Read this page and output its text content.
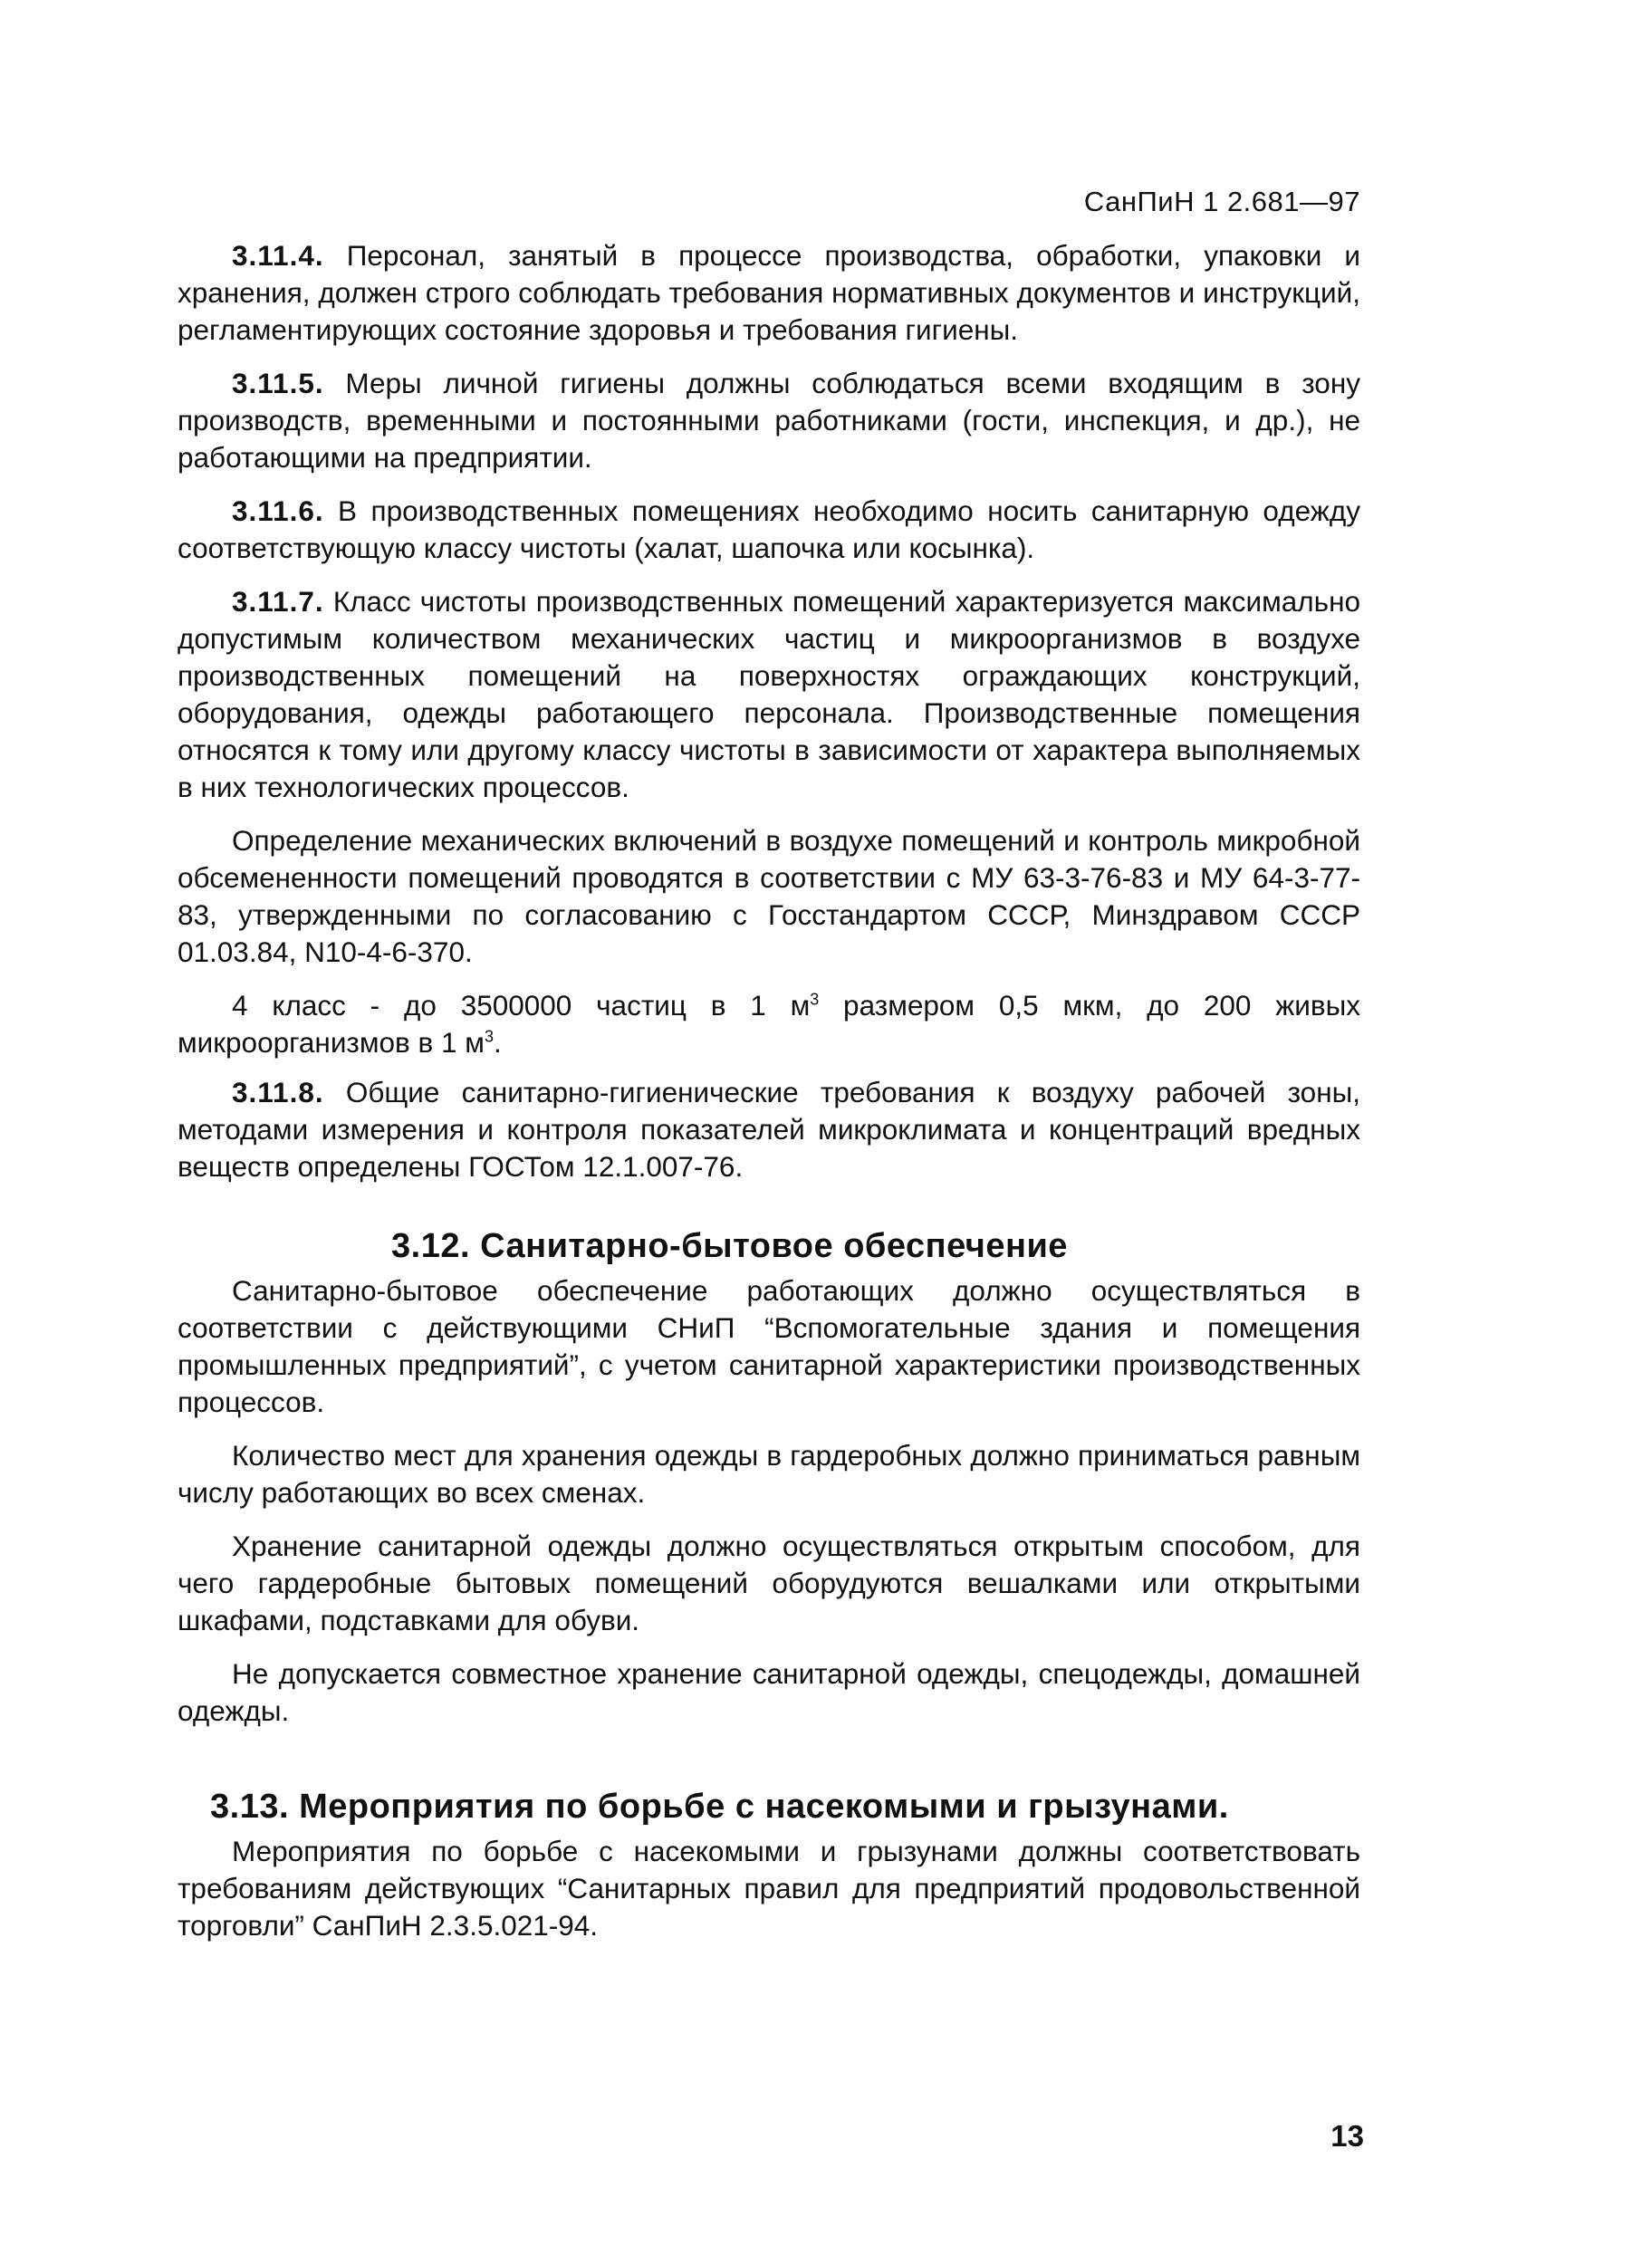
СанПиН 1 2.681—97

3.11.4. Персонал, занятый в процессе производства, обработки, упаковки и хранения, должен строго соблюдать требования нормативных документов и инструкций, регламентирующих состояние здоровья и требования гигиены.

3.11.5. Меры личной гигиены должны соблюдаться всеми входящим в зону производств, временными и постоянными работниками (гости, инспекция, и др.), не работающими на предприятии.

3.11.6. В производственных помещениях необходимо носить санитарную одежду соответствующую классу чистоты (халат, шапочка или косынка).

3.11.7. Класс чистоты производственных помещений характеризуется максимально допустимым количеством механических частиц и микроорганизмов в воздухе производственных помещений на поверхностях ограждающих конструкций, оборудования, одежды работающего персонала. Производственные помещения относятся к тому или другому классу чистоты в зависимости от характера выполняемых в них технологических процессов.

Определение механических включений в воздухе помещений и контроль микробной обсемененности помещений проводятся в соответствии с МУ 63-3-76-83 и МУ 64-3-77-83, утвержденными по согласованию с Госстандартом СССР, Минздравом СССР 01.03.84, N10-4-6-370.

4 класс - до 3500000 частиц в 1 $м^3$ размером 0,5 мкм, до 200 живых микроорганизмов в 1 $м^3$.

3.11.8. Общие санитарно-гигиенические требования к воздуху рабочей зоны, методами измерения и контроля показателей микроклимата и концентраций вредных веществ определены ГОСТом 12.1.007-76.

3.12. Санитарно-бытовое обеспечение

Санитарно-бытовое обеспечение работающих должно осуществляться в соответствии с действующими СНиП “Вспомогательные здания и помещения промышленных предприятий”, с учетом санитарной характеристики производственных процессов.

Количество мест для хранения одежды в гардеробных должно приниматься равным числу работающих во всех сменах.

Хранение санитарной одежды должно осуществляться открытым способом, для чего гардеробные бытовых помещений оборудуются вешалками или открытыми шкафами, подставками для обуви.

Не допускается совместное хранение санитарной одежды, спецодежды, домашней одежды.

3.13. Мероприятия по борьбе с насекомыми и грызунами.

Мероприятия по борьбе с насекомыми и грызунами должны соответствовать требованиям действующих “Санитарных правил для предприятий продовольственной торговли” СанПиН 2.3.5.021-94.

13
